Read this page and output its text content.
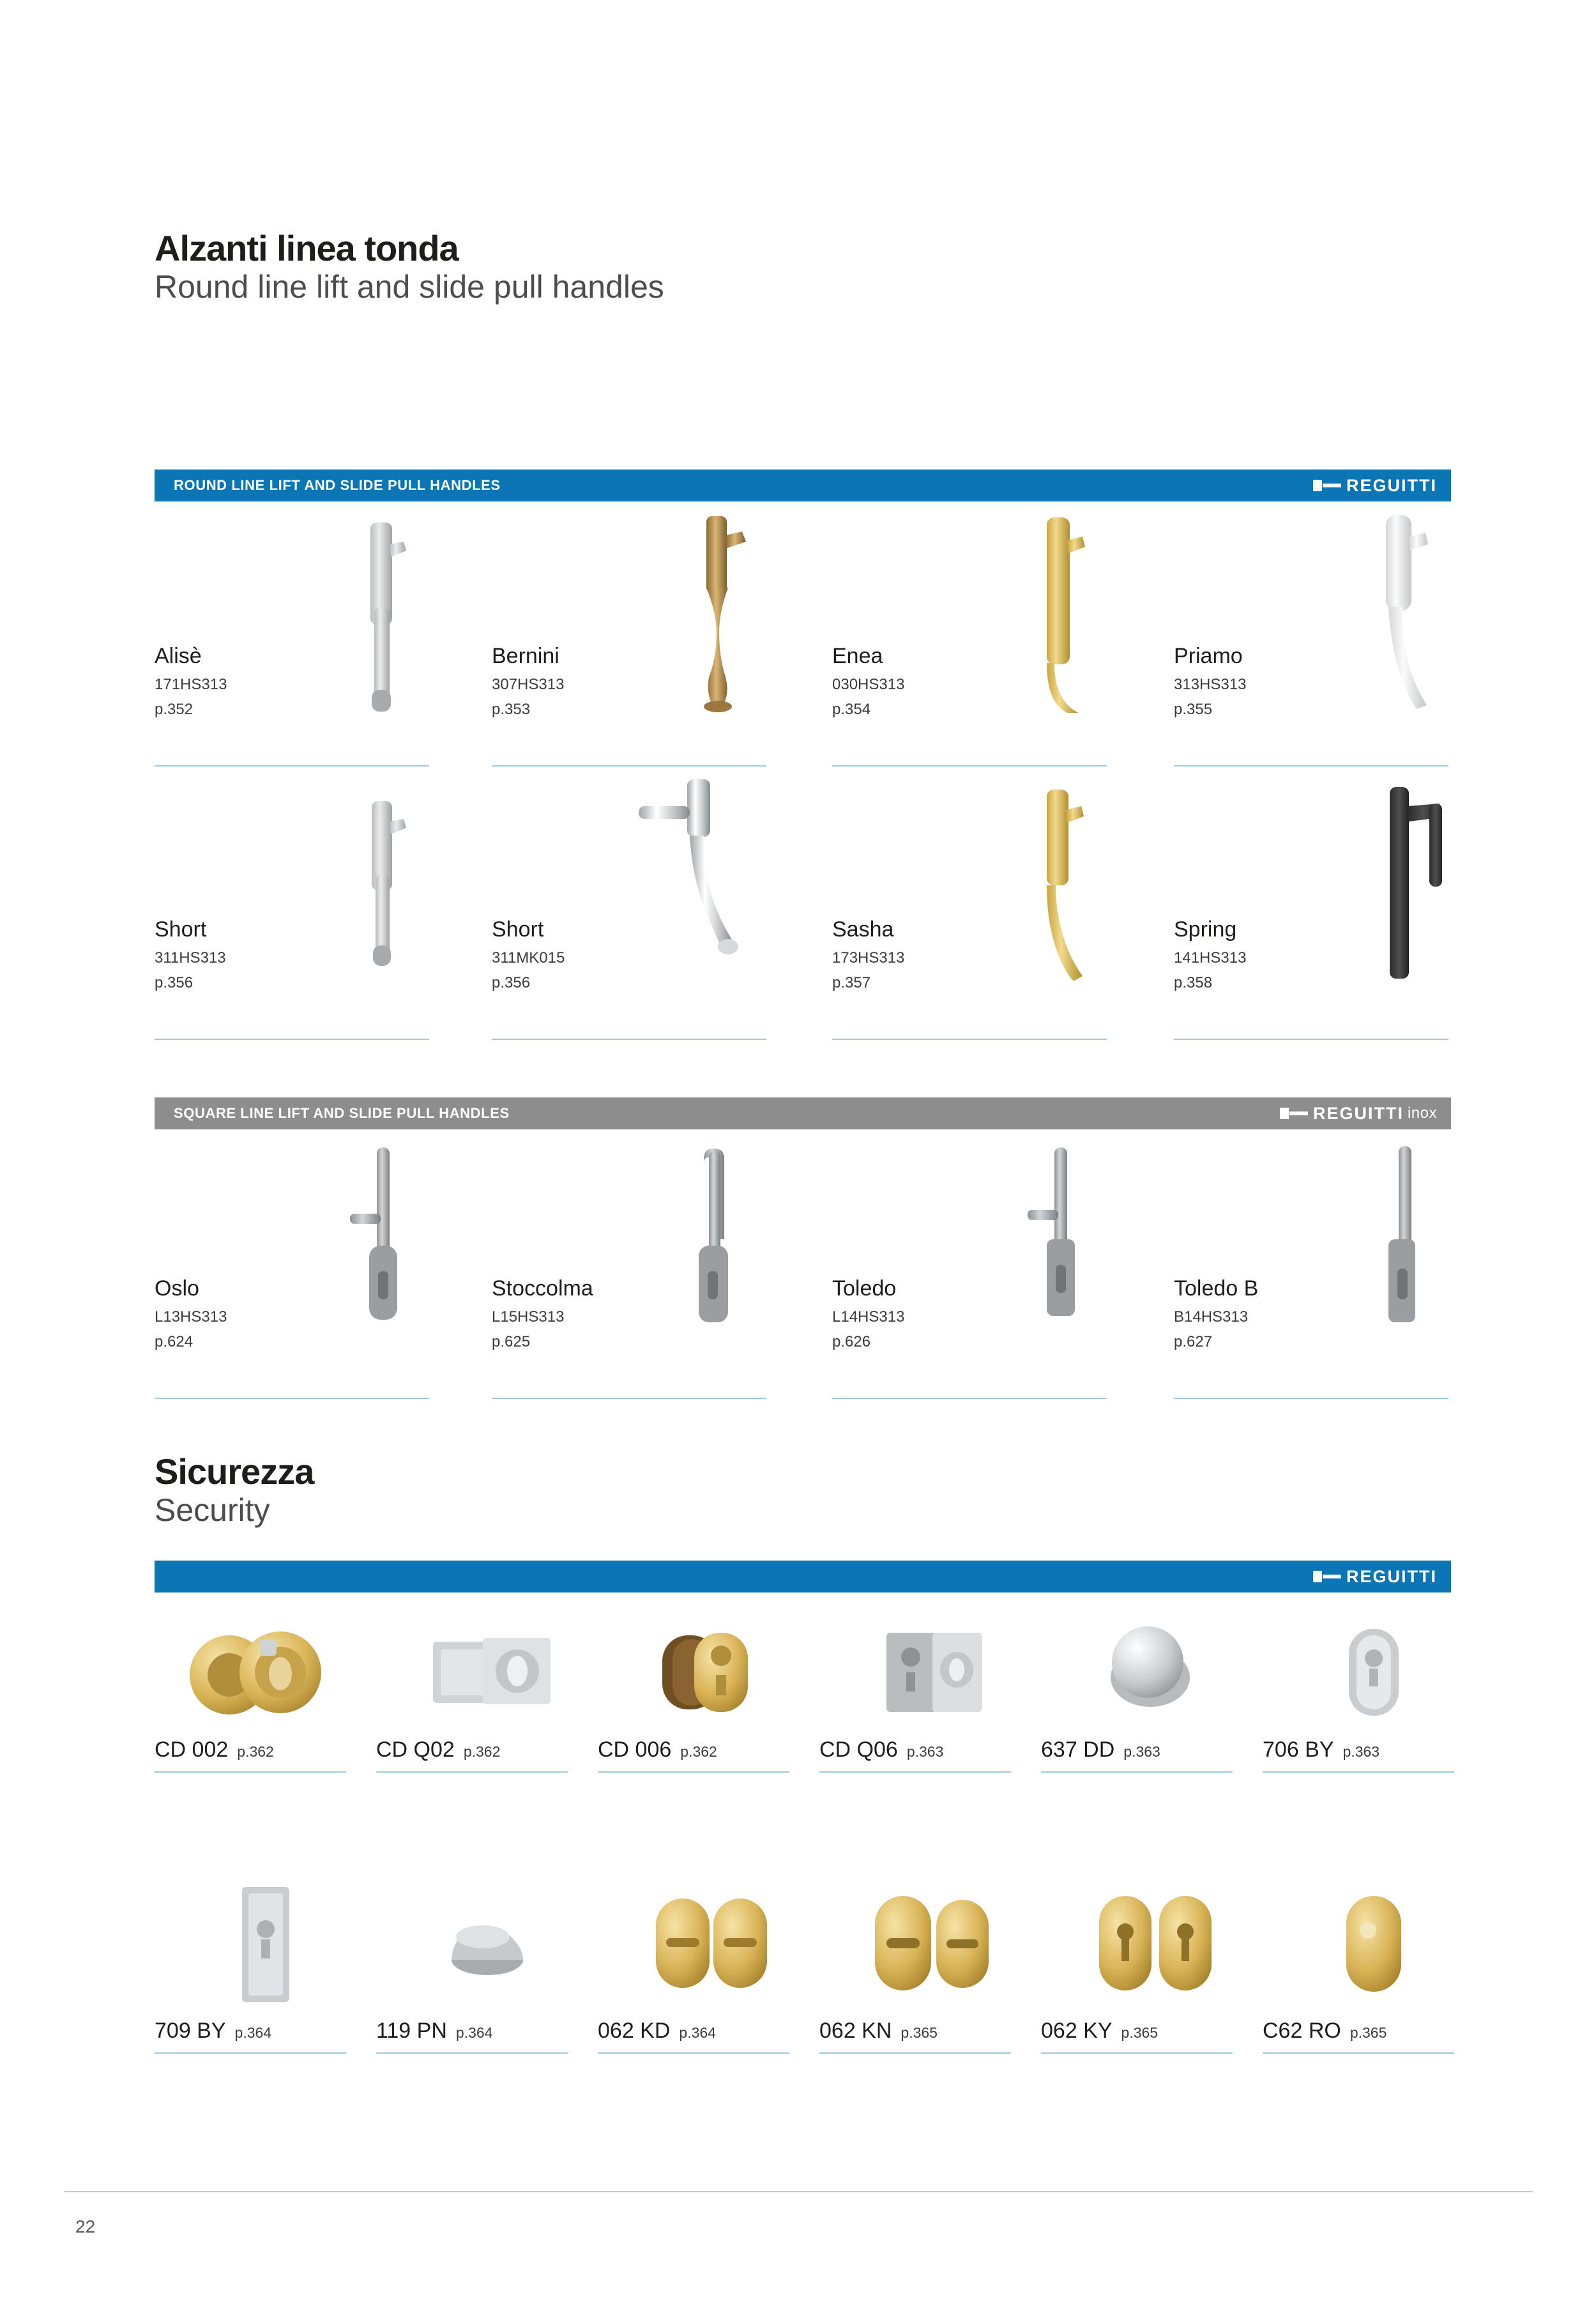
Alzanti linea tonda
Round line lift and slide pull handles
ROUND LINE LIFT AND SLIDE PULL HANDLES	REGUITTI
Alisè
171HS313
p.352
Bernini
307HS313
p.353
Enea
030HS313
p.354
Priamo
313HS313
p.355
Short
311HS313
p.356
Short
311MK015
p.356
Sasha
173HS313
p.357
Spring
141HS313
p.358
SQUARE LINE LIFT AND SLIDE PULL HANDLES	REGUITTI inox
Oslo
L13HS313
p.624
Stoccolma
L15HS313
p.625
Toledo
L14HS313
p.626
Toledo B
B14HS313
p.627
Sicurezza
Security
REGUITTI
CD 002 p.362	CD Q02 p.362	CD 006 p.362	CD Q06 p.363	637 DD p.363	706 BY p.363
709 BY p.364	119 PN p.364	062 KD p.364	062 KN p.365	062 KY p.365	C62 RO p.365
22
